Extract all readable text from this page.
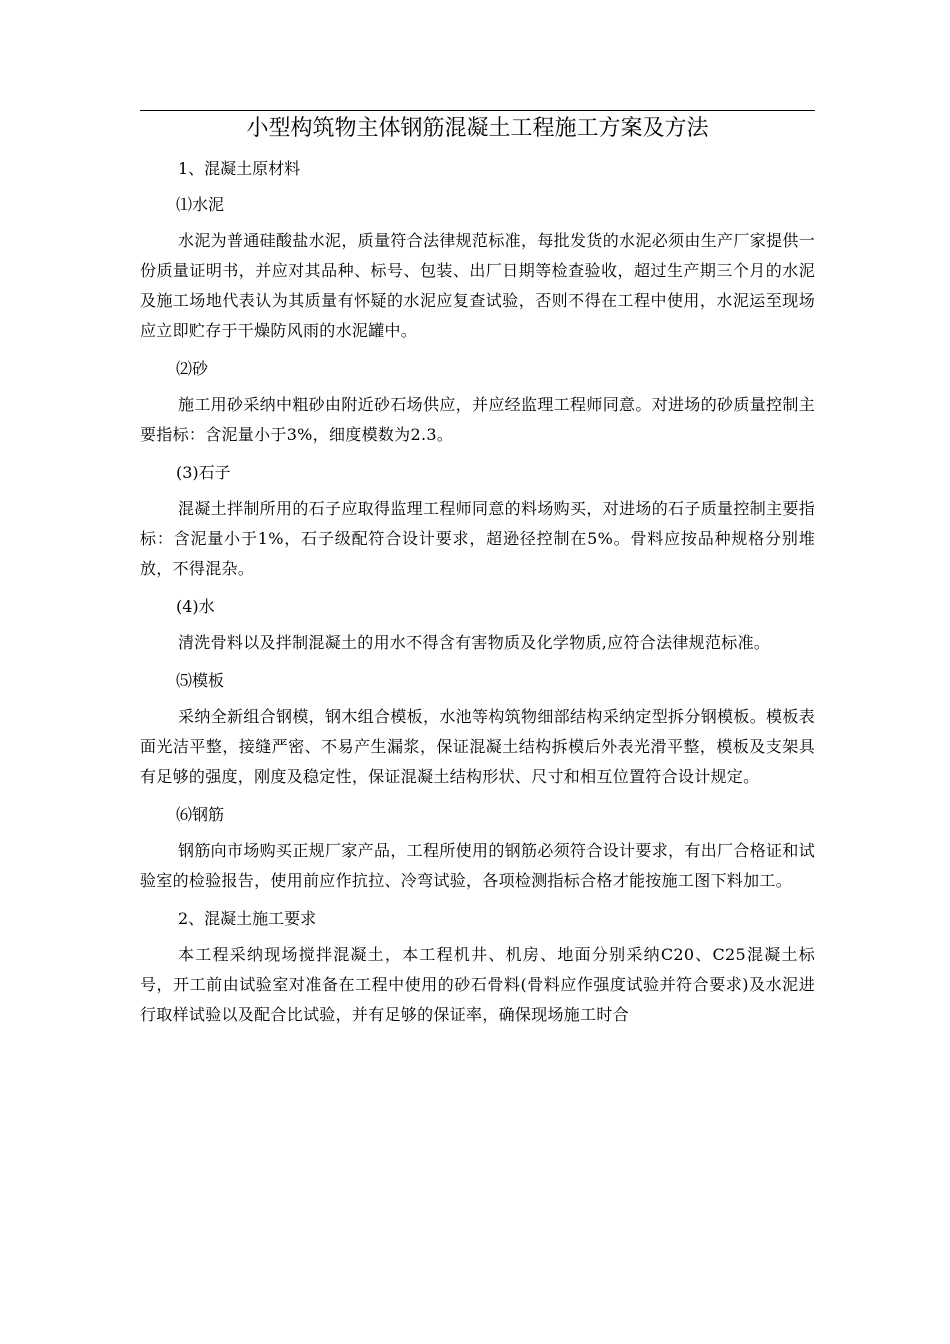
小型构筑物主体钢筋混凝土工程施工方案及方法
1、混凝土原材料
⑴水泥

水泥为普通硅酸盐水泥，质量符合法律规范标准，每批发货的水泥必须由生产厂家提供一份质量证明书，并应对其品种、标号、包装、出厂日期等检查验收，超过生产期三个月的水泥及施工场地代表认为其质量有怀疑的水泥应复查试验，否则不得在工程中使用，水泥运至现场应立即贮存于干燥防风雨的水泥罐中。

⑵砂

施工用砂采纳中粗砂由附近砂石场供应，并应经监理工程师同意。对进场的砂质量控制主要指标：含泥量小于3%，细度模数为2.3。

(3)石子

混凝土拌制所用的石子应取得监理工程师同意的料场购买，对进场的石子质量控制主要指标：含泥量小于1%，石子级配符合设计要求，超逊径控制在5%。骨料应按品种规格分别堆放，不得混杂。

(4)水

清洗骨料以及拌制混凝土的用水不得含有害物质及化学物质,应符合法律规范标准。

⑸模板

采纳全新组合钢模，钢木组合模板，水池等构筑物细部结构采纳定型拆分钢模板。模板表面光洁平整，接缝严密、不易产生漏浆，保证混凝土结构拆模后外表光滑平整，模板及支架具有足够的强度，刚度及稳定性，保证混凝土结构形状、尺寸和相互位置符合设计规定。

⑹钢筋

钢筋向市场购买正规厂家产品，工程所使用的钢筋必须符合设计要求，有出厂合格证和试验室的检验报告，使用前应作抗拉、冷弯试验，各项检测指标合格才能按施工图下料加工。

2、混凝土施工要求

本工程采纳现场搅拌混凝土，本工程机井、机房、地面分别采纳C20、C25混凝土标号，开工前由试验室对准备在工程中使用的砂石骨料(骨料应作强度试验并符合要求)及水泥进行取样试验以及配合比试验，并有足够的保证率，确保现场施工时合
